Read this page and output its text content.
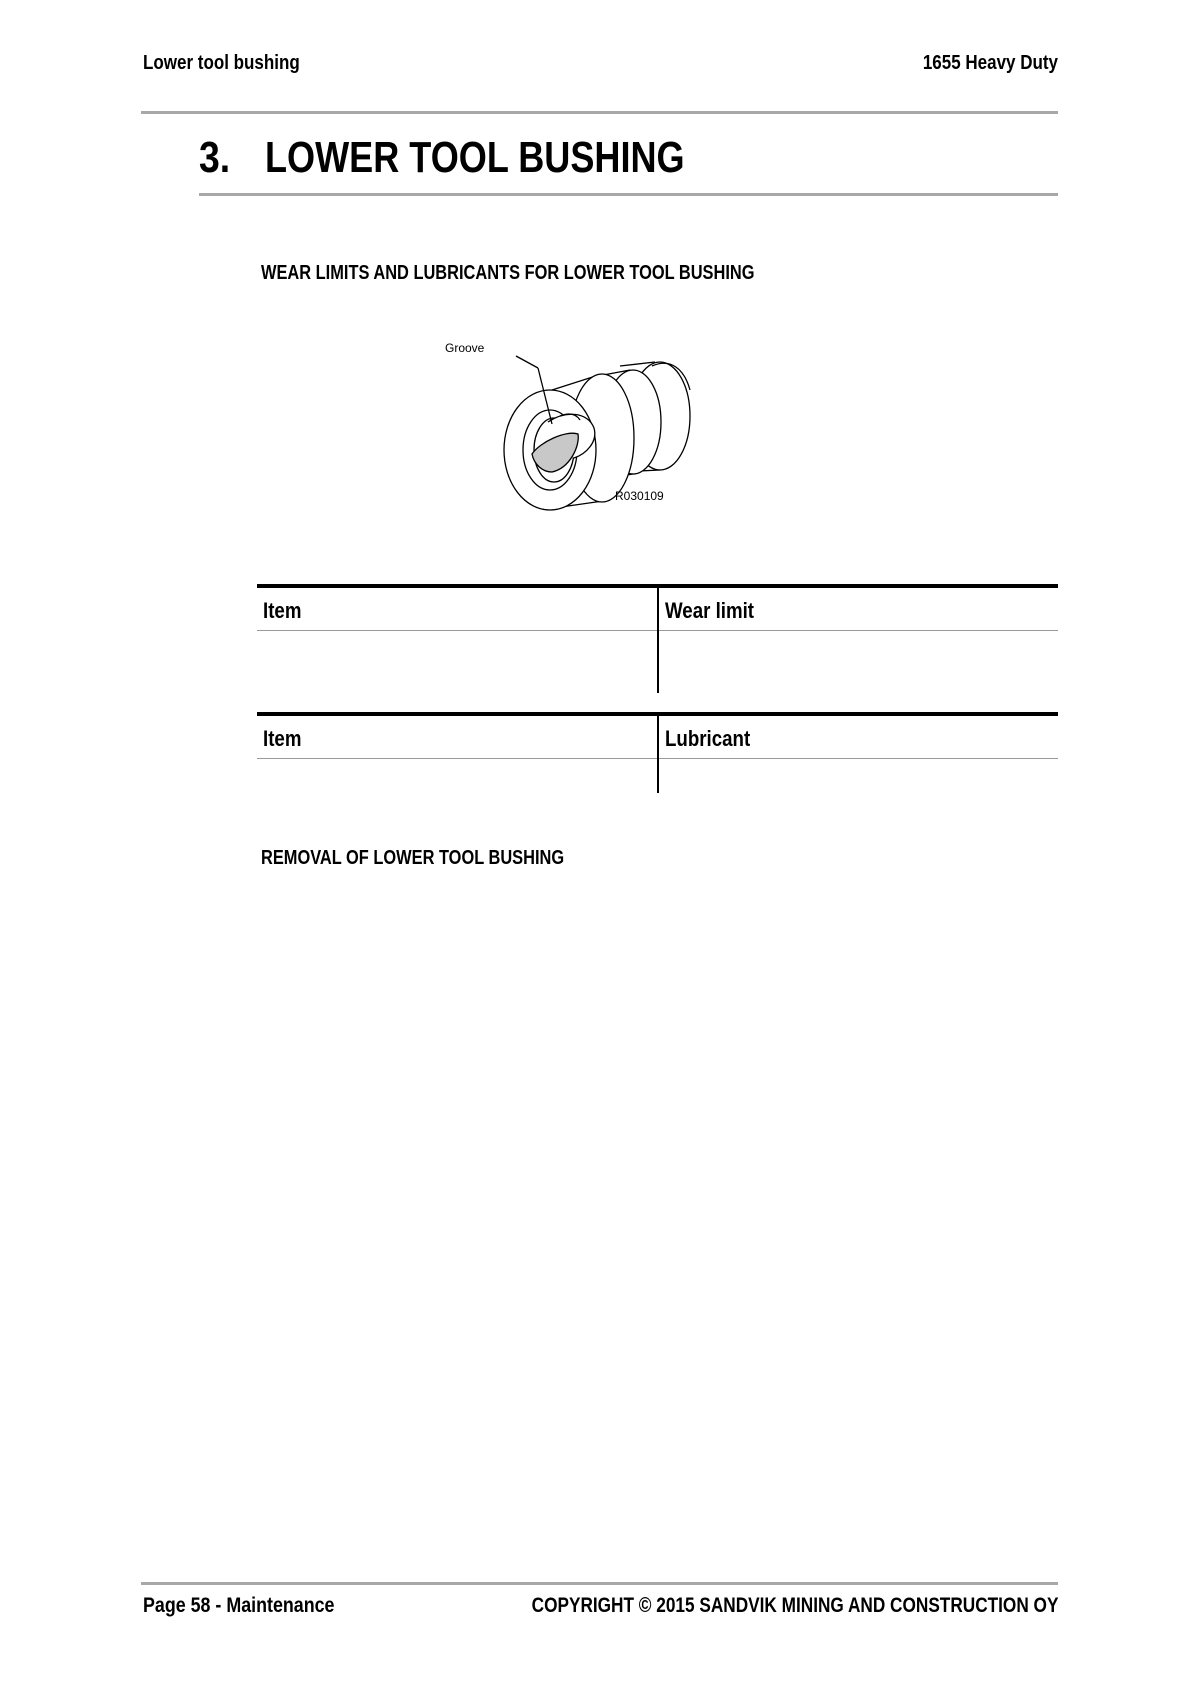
Lower tool bushing	1655 Heavy Duty
3. LOWER TOOL BUSHING
WEAR LIMITS AND LUBRICANTS FOR LOWER TOOL BUSHING
Groove
R030109
Item	Wear limit

Item	Lubricant

REMOVAL OF LOWER TOOL BUSHING
Page 58 - Maintenance	COPYRIGHT © 2015 SANDVIK MINING AND CONSTRUCTION OY
